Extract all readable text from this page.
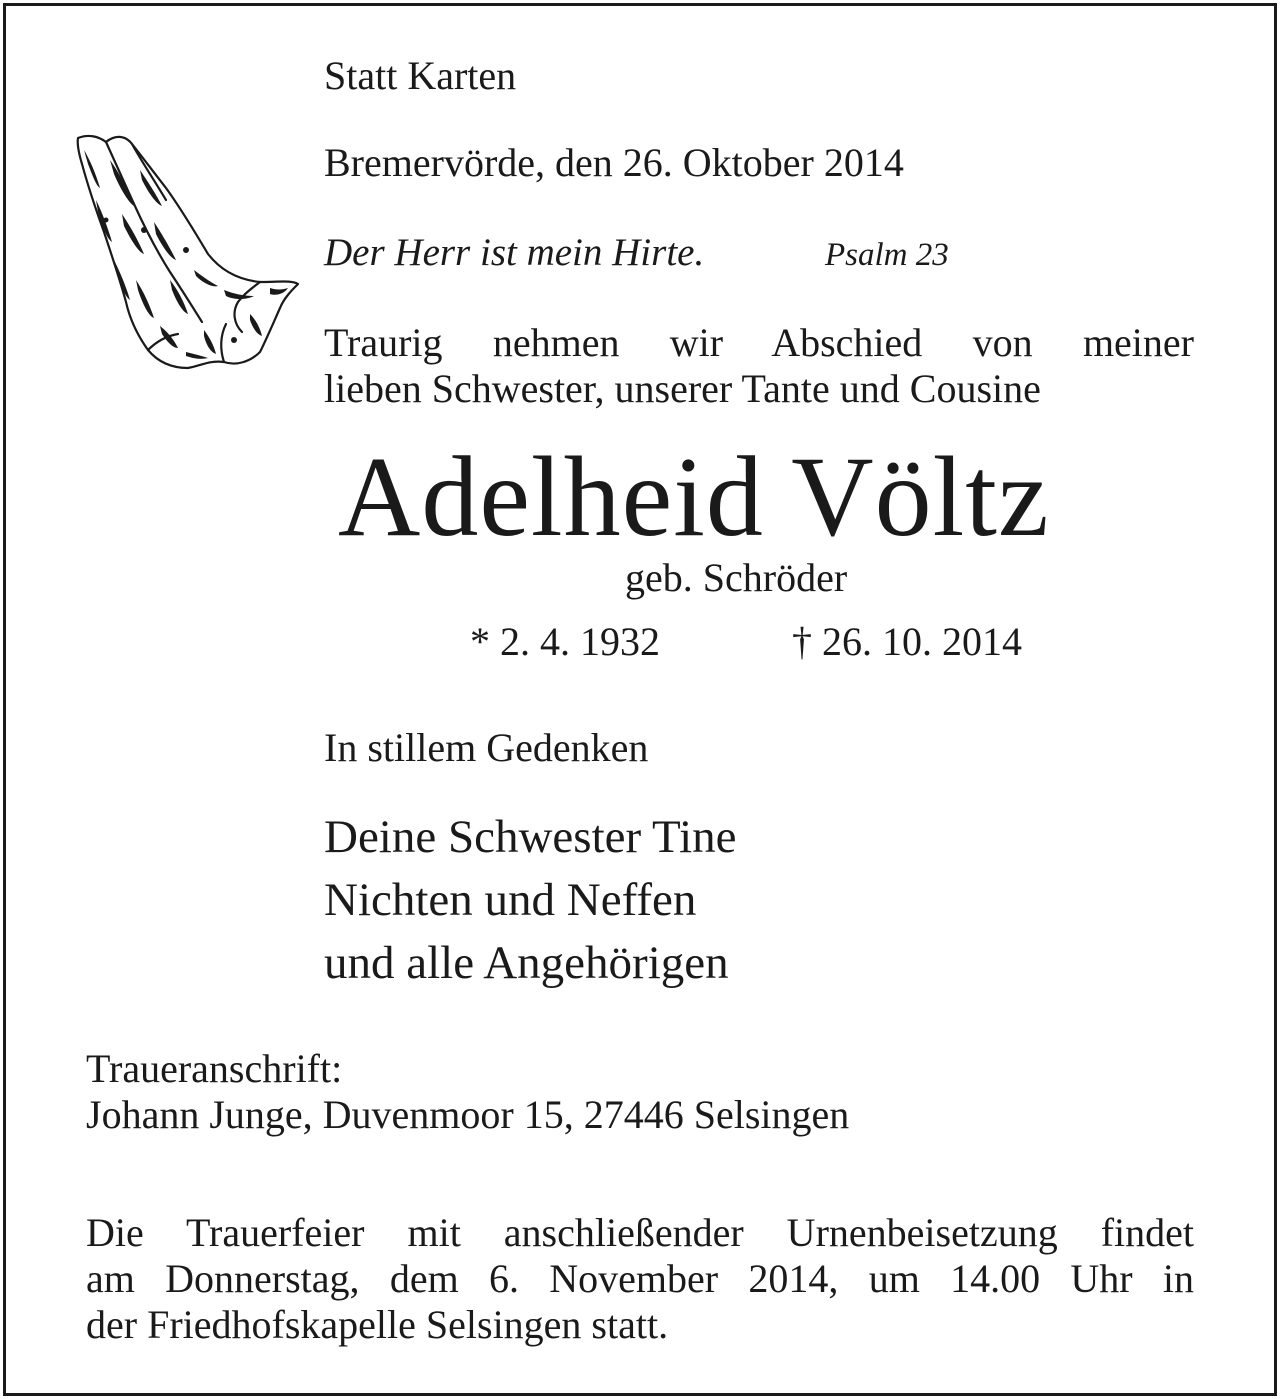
Statt Karten
Bremervörde, den 26. Oktober 2014
Der Herr ist mein Hirte.	Psalm 23
Traurig nehmen wir Abschied von meiner
lieben Schwester, unserer Tante und Cousine
Adelheid Völtz
geb. Schröder
* 2. 4. 1932	† 26. 10. 2014
In stillem Gedenken
Deine Schwester Tine
Nichten und Neffen
und alle Angehörigen
Traueranschrift:
Johann Junge, Duvenmoor 15, 27446 Selsingen
Die Trauerfeier mit anschließender Urnenbeisetzung findet
am Donnerstag, dem 6. November 2014, um 14.00 Uhr in
der Friedhofskapelle Selsingen statt.
